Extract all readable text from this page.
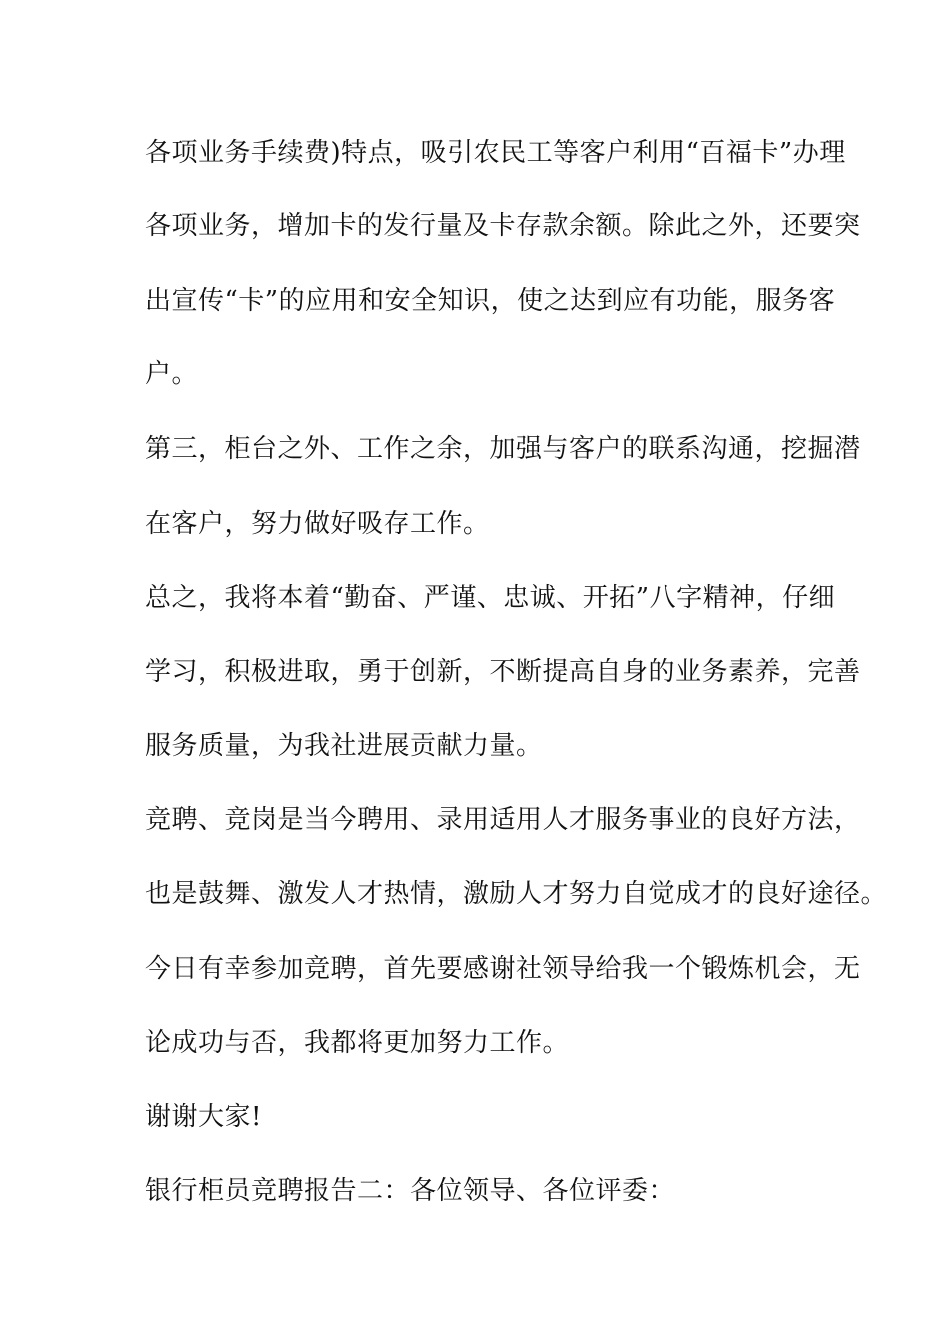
各项业务手续费)特点，吸引农民工等客户利用“百福卡”办理
各项业务，增加卡的发行量及卡存款余额。除此之外，还要突
出宣传“卡”的应用和安全知识，使之达到应有功能，服务客
户。
第三，柜台之外、工作之余，加强与客户的联系沟通，挖掘潜
在客户，努力做好吸存工作。
总之，我将本着“勤奋、严谨、忠诚、开拓”八字精神，仔细
学习，积极进取，勇于创新，不断提高自身的业务素养，完善
服务质量，为我社进展贡献力量。
竞聘、竞岗是当今聘用、录用适用人才服务事业的良好方法，
也是鼓舞、激发人才热情，激励人才努力自觉成才的良好途径。
今日有幸参加竞聘，首先要感谢社领导给我一个锻炼机会，无
论成功与否，我都将更加努力工作。
谢谢大家!
银行柜员竞聘报告二：各位领导、各位评委：
